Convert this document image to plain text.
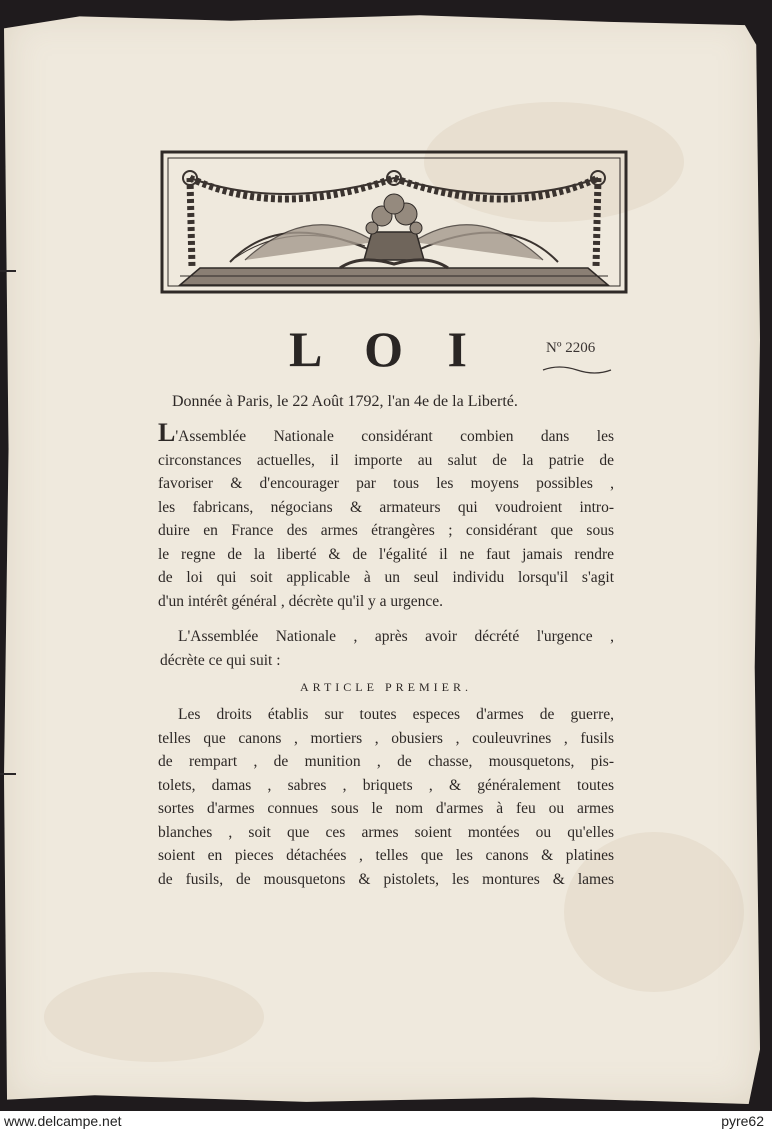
L O I	Nº 2206
Donnée à Paris, le 22 Août 1792, l'an 4e de la Liberté.
L'Assemblée Nationale considérant combien dans les
circonstances actuelles, il importe au salut de la patrie de
favoriser & d'encourager par tous les moyens possibles ,
les fabricans, négocians & armateurs qui voudroient intro-
duire en France des armes étrangères ; considérant que sous
le regne de la liberté & de l'égalité il ne faut jamais rendre
de loi qui soit applicable à un seul individu lorsqu'il s'agit
d'un intérêt général , décrète qu'il y a urgence.
L'Assemblée Nationale , après avoir décrété l'urgence ,
décrète ce qui suit :
ARTICLE PREMIER.
Les droits établis sur toutes especes d'armes de guerre,
telles que canons , mortiers , obusiers , couleuvrines , fusils
de rempart , de munition , de chasse, mousquetons, pis-
tolets, damas , sabres , briquets , & généralement toutes
sortes d'armes connues sous le nom d'armes à feu ou armes
blanches , soit que ces armes soient montées ou qu'elles
soient en pieces détachées , telles que les canons & platines
de fusils, de mousquetons & pistolets, les montures & lames
www.delcampe.net	pyre62
